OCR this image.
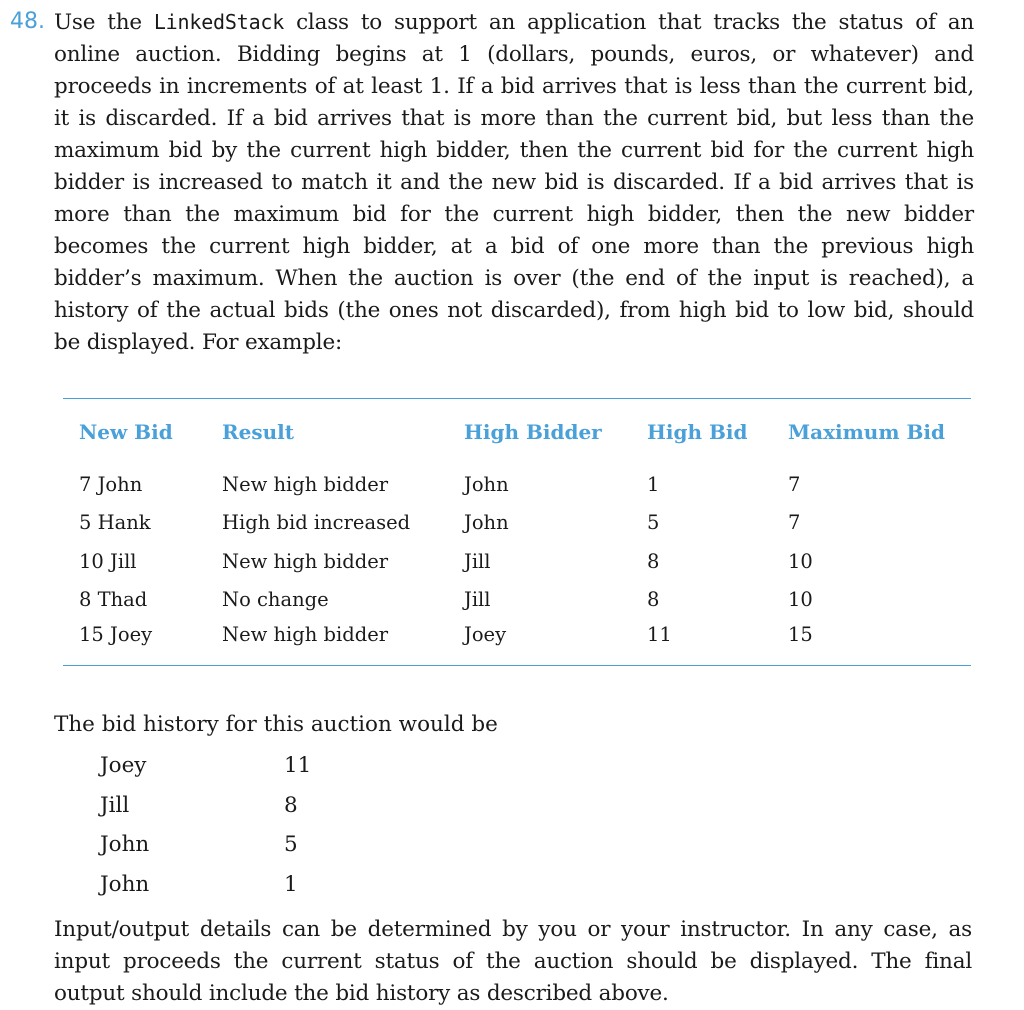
48. Use the LinkedStack class to support an application that tracks the status of an online auction. Bidding begins at 1 (dollars, pounds, euros, or whatever) and proceeds in increments of at least 1. If a bid arrives that is less than the current bid, it is discarded. If a bid arrives that is more than the current bid, but less than the maximum bid by the current high bidder, then the current bid for the current high bidder is increased to match it and the new bid is discarded. If a bid arrives that is more than the maximum bid for the current high bidder, then the new bidder becomes the current high bidder, at a bid of one more than the previous high bidder’s maximum. When the auction is over (the end of the input is reached), a history of the actual bids (the ones not discarded), from high bid to low bid, should be displayed. For example:
New Bid	Result	High Bidder	High Bid	Maximum Bid
7 John	New high bidder	John	1	7
5 Hank	High bid increased	John	5	7
10 Jill	New high bidder	Jill	8	10
8 Thad	No change	Jill	8	10
15 Joey	New high bidder	Joey	11	15
The bid history for this auction would be
Joey	11
Jill	8
John	5
John	1
Input/output details can be determined by you or your instructor. In any case, as input proceeds the current status of the auction should be displayed. The final output should include the bid history as described above.
